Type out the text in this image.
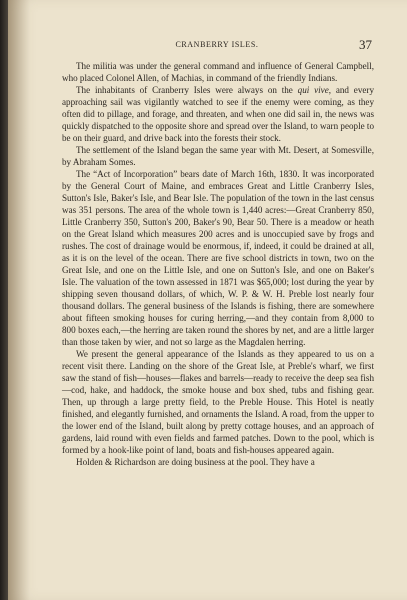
CRANBERRY ISLES.	37

The militia was under the general command and influence of General Campbell, who placed Colonel Allen, of Machias, in command of the friendly Indians.

The inhabitants of Cranberry Isles were always on the qui vive, and every approaching sail was vigilantly watched to see if the enemy were coming, as they often did to pillage, and forage, and threaten, and when one did sail in, the news was quickly dispatched to the opposite shore and spread over the Island, to warn people to be on their guard, and drive back into the forests their stock.

The settlement of the Island began the same year with Mt. Desert, at Somesville, by Abraham Somes.

The “Act of Incorporation” bears date of March 16th, 1830. It was incorporated by the General Court of Maine, and embraces Great and Little Cranberry Isles, Sutton's Isle, Baker's Isle, and Bear Isle. The population of the town in the last census was 351 persons. The area of the whole town is 1,440 acres:—Great Cranberry 850, Little Cranberry 350, Sutton's 200, Baker's 90, Bear 50. There is a meadow or heath on the Great Island which measures 200 acres and is unoccupied save by frogs and rushes. The cost of drainage would be enormous, if, indeed, it could be drained at all, as it is on the level of the ocean. There are five school districts in town, two on the Great Isle, and one on the Little Isle, and one on Sutton's Isle, and one on Baker's Isle. The valuation of the town assessed in 1871 was $65,000; lost during the year by shipping seven thousand dollars, of which, W. P. & W. H. Preble lost nearly four thousand dollars. The general business of the Islands is fishing, there are somewhere about fifteen smoking houses for curing herring,—and they contain from 8,000 to 800 boxes each,—the herring are taken round the shores by net, and are a little larger than those taken by wier, and not so large as the Magdalen herring.

We present the general appearance of the Islands as they appeared to us on a recent visit there. Landing on the shore of the Great Isle, at Preble's wharf, we first saw the stand of fish—houses—flakes and barrels—ready to receive the deep sea fish—cod, hake, and haddock, the smoke house and box shed, tubs and fishing gear. Then, up through a large pretty field, to the Preble House. This Hotel is neatly finished, and elegantly furnished, and ornaments the Island. A road, from the upper to the lower end of the Island, built along by pretty cottage houses, and an approach of gardens, laid round with even fields and farmed patches. Down to the pool, which is formed by a hook-like point of land, boats and fish-houses appeared again.

Holden & Richardson are doing business at the pool. They have a
